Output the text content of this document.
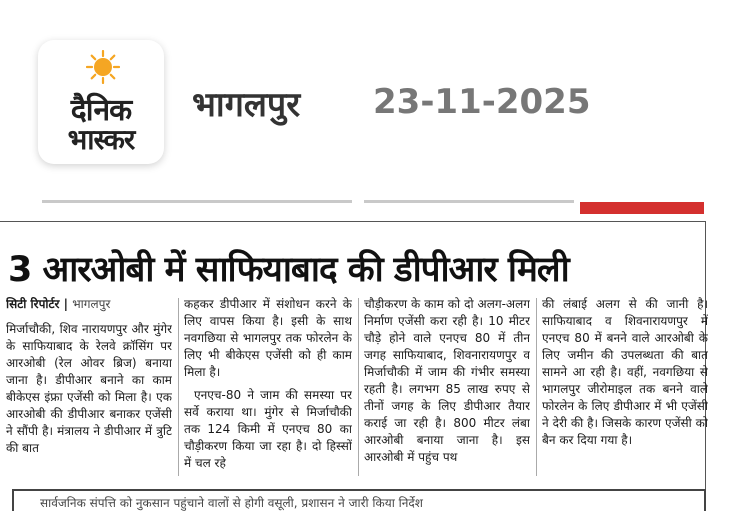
दैनिक
भास्कर
भागलपुर 23-11-2025
3 आरओबी में साफियाबाद की डीपीआर मिली
सिटी रिपोर्टर | भागलपुर

मिर्जाचौकी, शिव नारायणपुर और मुंगेर के साफियाबाद के रेलवे क्रॉसिंग पर आरओबी (रेल ओवर ब्रिज) बनाया जाना है। डीपीआर बनाने का काम बीकेएस इंफ्रा एजेंसी को मिला है। एक आरओबी की डीपीआर बनाकर एजेंसी ने सौंपी है। मंत्रालय ने डीपीआर में त्रुटि की बात

कहकर डीपीआर में संशोधन करने के लिए वापस किया है। इसी के साथ नवगछिया से भागलपुर तक फोरलेन के लिए भी बीकेएस एजेंसी को ही काम मिला है।

एनएच-80 ने जाम की समस्या पर सर्वे कराया था। मुंगेर से मिर्जाचौकी तक 124 किमी में एनएच 80 का चौड़ीकरण किया जा रहा है। दो हिस्सों में चल रहे

चौड़ीकरण के काम को दो अलग-अलग निर्माण एजेंसी करा रही है। 10 मीटर चौड़े होने वाले एनएच 80 में तीन जगह साफियाबाद, शिवनारायणपुर व मिर्जाचौकी में जाम की गंभीर समस्या रहती है। लगभग 85 लाख रुपए से तीनों जगह के लिए डीपीआर तैयार कराई जा रही है। 800 मीटर लंबा आरओबी बनाया जाना है। इस आरओबी में पहुंच पथ

की लंबाई अलग से की जानी है। साफियाबाद व शिवनारायणपुर में एनएच 80 में बनने वाले आरओबी के लिए जमीन की उपलब्धता की बात सामने आ रही है। वहीं, नवगछिया से भागलपुर जीरोमाइल तक बनने वाले फोरलेन के लिए डीपीआर में भी एजेंसी ने देरी की है। जिसके कारण एजेंसी को बैन कर दिया गया है।

सार्वजनिक संपत्ति को नुकसान पहुंचाने वालों से होगी वसूली, प्रशासन ने जारी किया निर्देश
